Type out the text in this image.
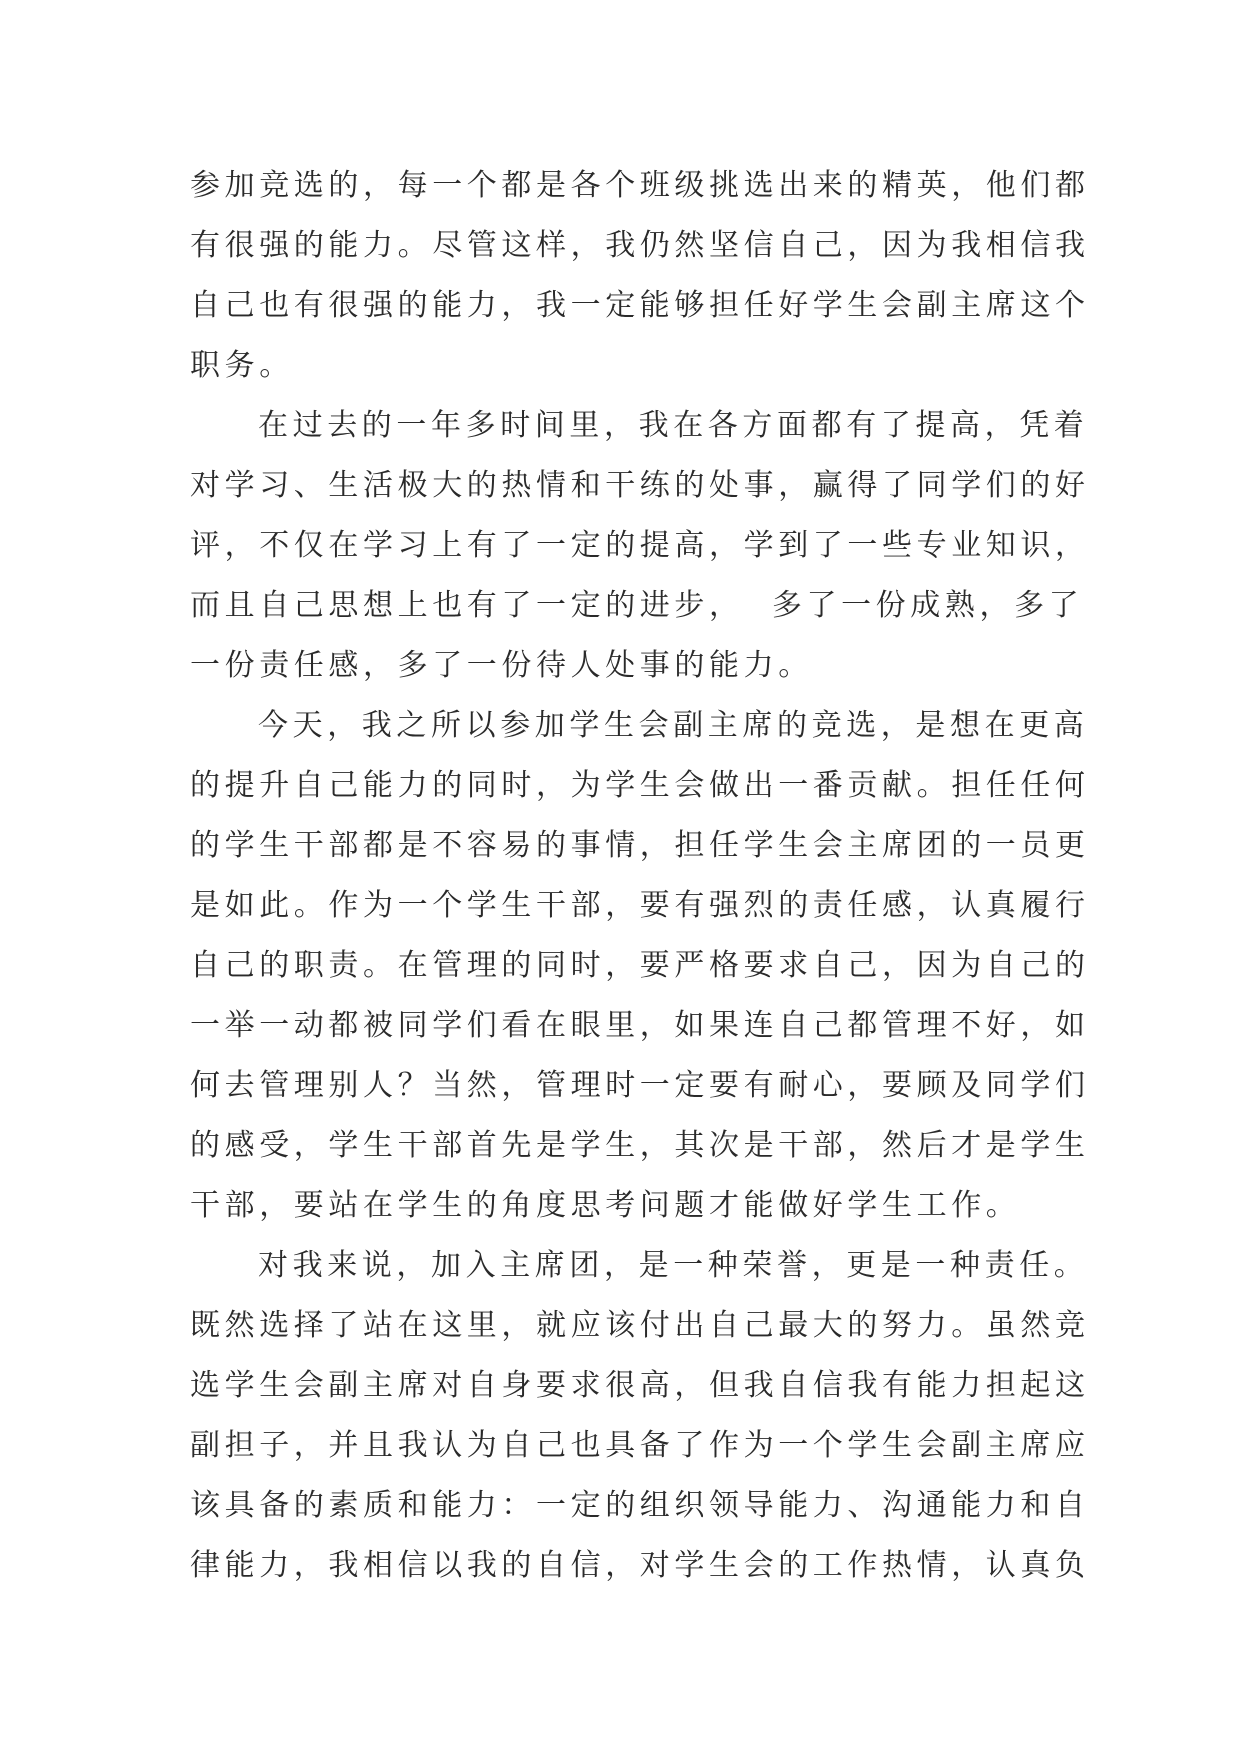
参加竞选的，每一个都是各个班级挑选出来的精英，他们都
有很强的能力。尽管这样，我仍然坚信自己，因为我相信我
自己也有很强的能力，我一定能够担任好学生会副主席这个
职务。
在过去的一年多时间里，我在各方面都有了提高，凭着
对学习、生活极大的热情和干练的处事，赢得了同学们的好
评，不仅在学习上有了一定的提高，学到了一些专业知识，
而且自己思想上也有了一定的进步，  多了一份成熟，多了
一份责任感，多了一份待人处事的能力。
今天，我之所以参加学生会副主席的竞选，是想在更高
的提升自己能力的同时，为学生会做出一番贡献。担任任何
的学生干部都是不容易的事情，担任学生会主席团的一员更
是如此。作为一个学生干部，要有强烈的责任感，认真履行
自己的职责。在管理的同时，要严格要求自己，因为自己的
一举一动都被同学们看在眼里，如果连自己都管理不好，如
何去管理别人？当然，管理时一定要有耐心，要顾及同学们
的感受，学生干部首先是学生，其次是干部，然后才是学生
干部，要站在学生的角度思考问题才能做好学生工作。
对我来说，加入主席团，是一种荣誉，更是一种责任。
既然选择了站在这里，就应该付出自己最大的努力。虽然竞
选学生会副主席对自身要求很高，但我自信我有能力担起这
副担子，并且我认为自己也具备了作为一个学生会副主席应
该具备的素质和能力：一定的组织领导能力、沟通能力和自
律能力，我相信以我的自信，对学生会的工作热情，认真负
